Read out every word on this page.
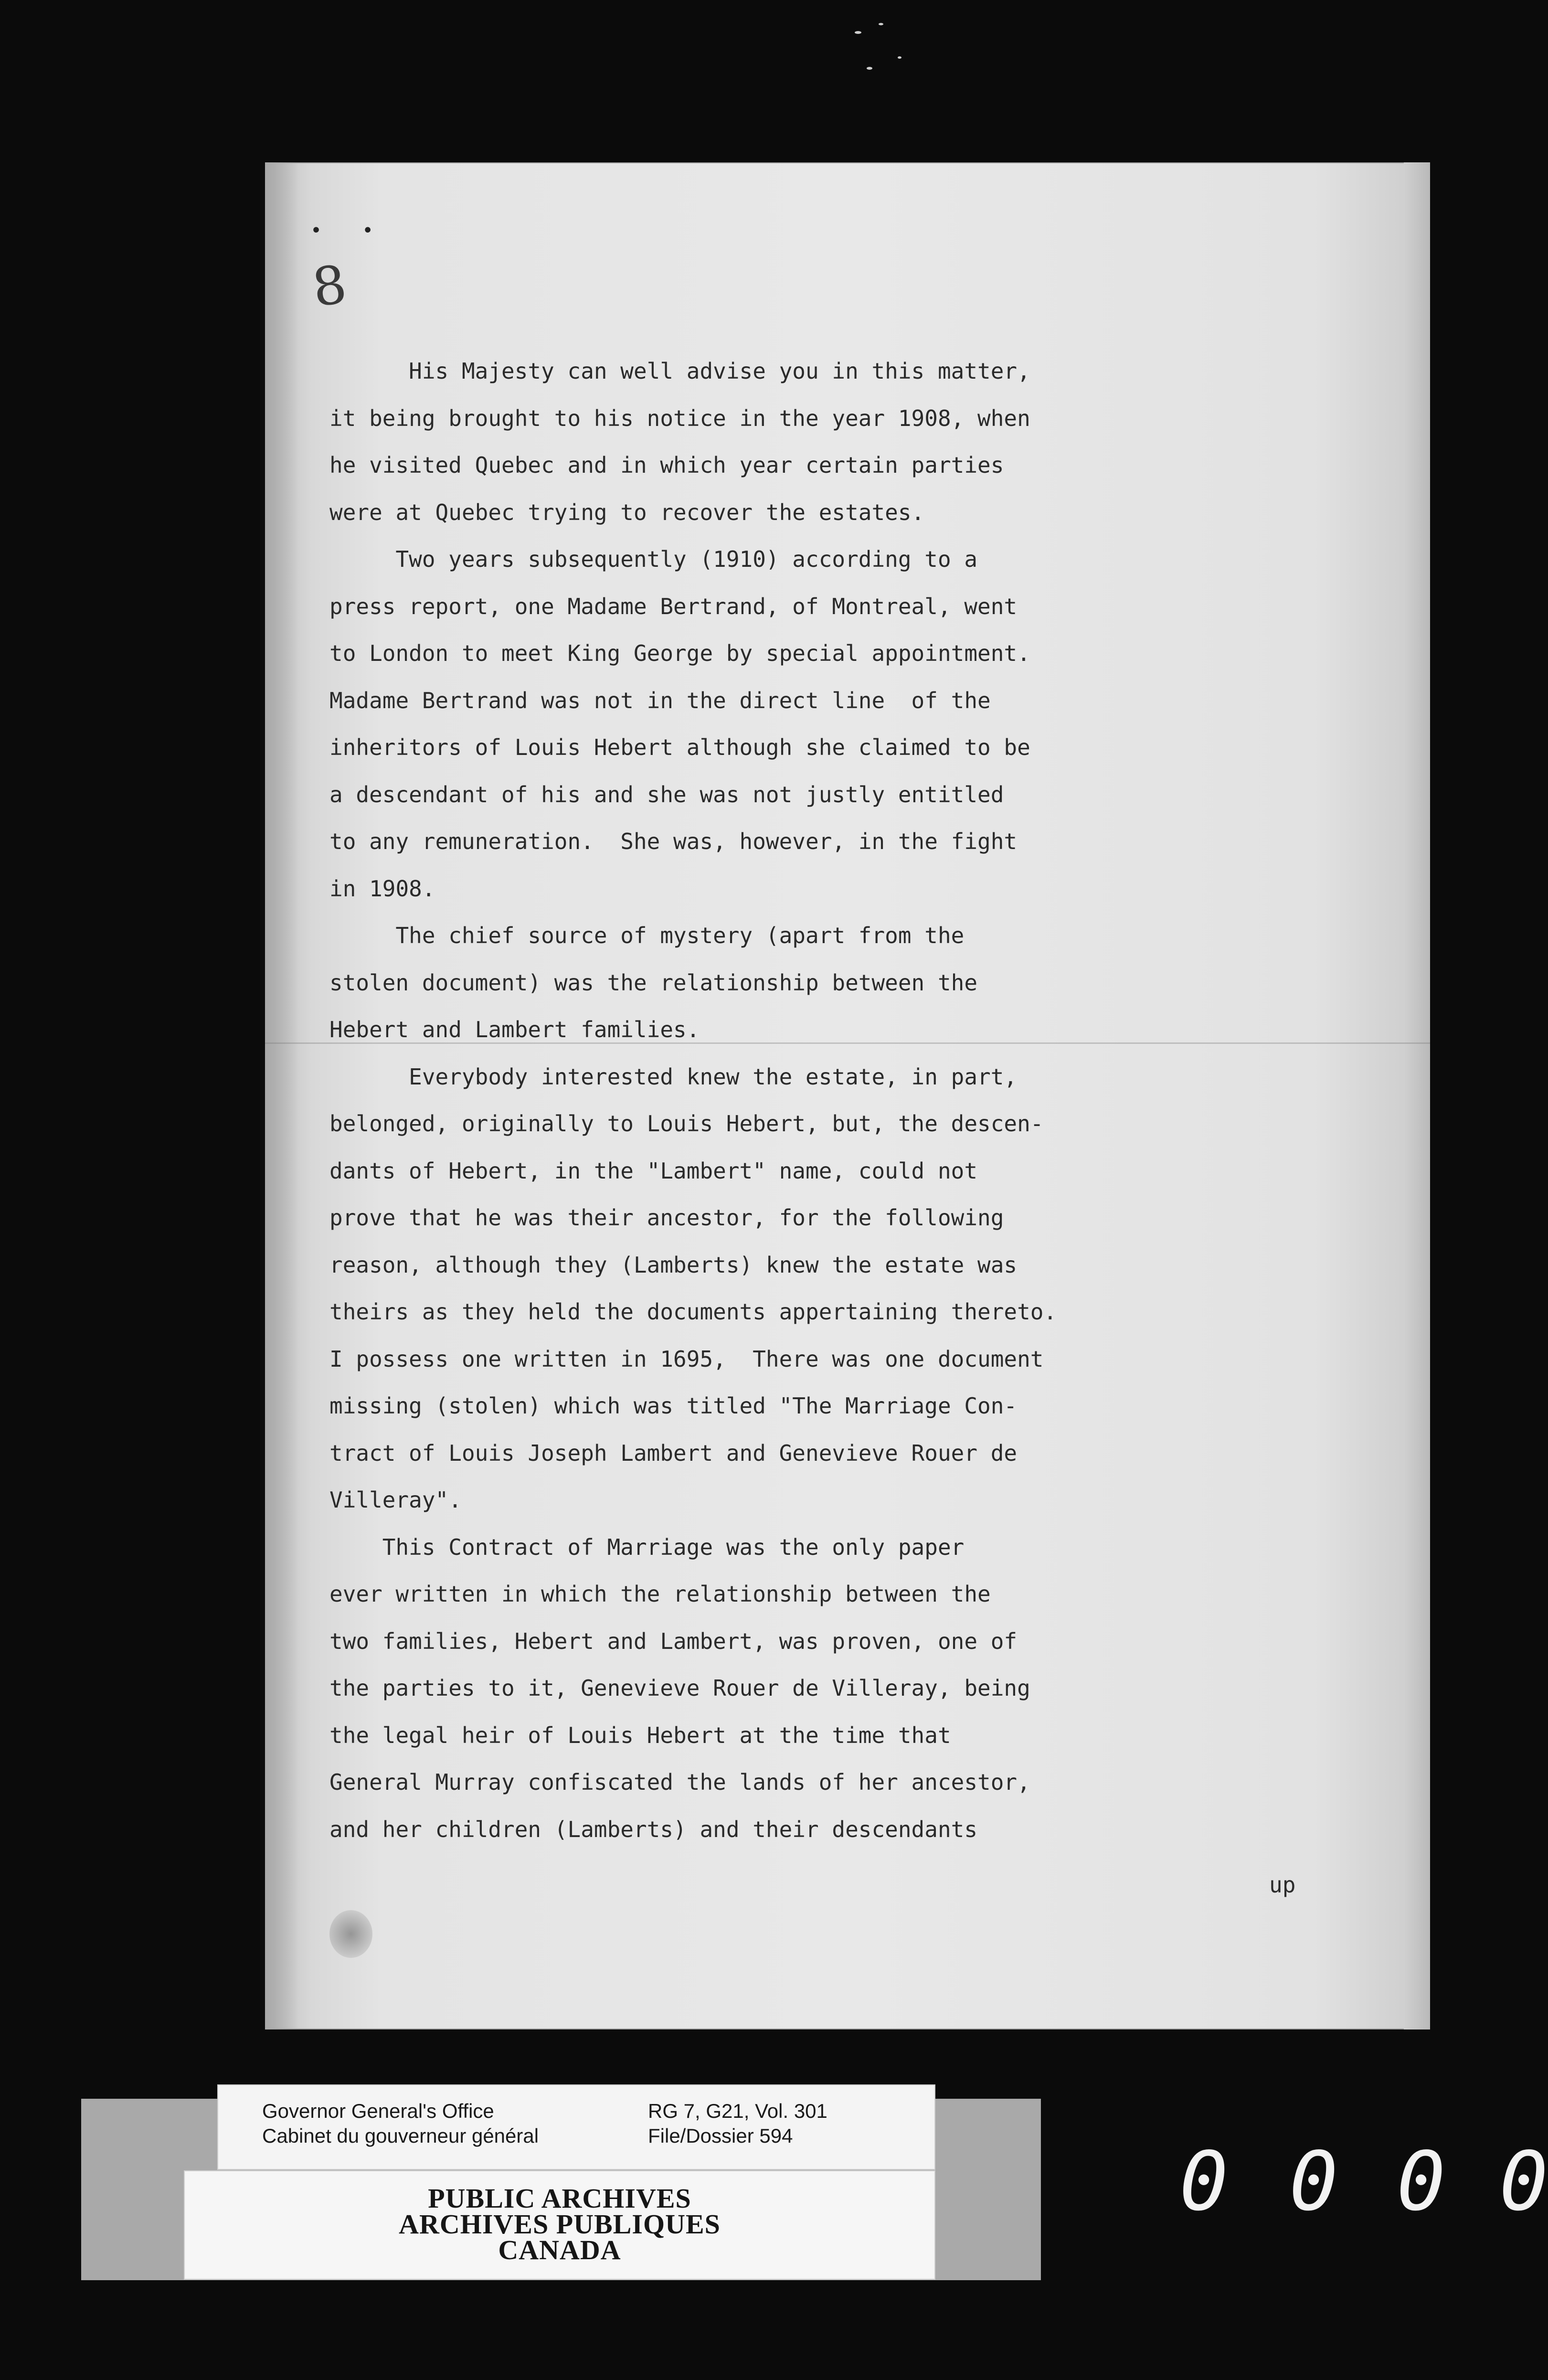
• •
8
His Majesty can well advise you in this matter,
it being brought to his notice in the year 1908, when
he visited Quebec and in which year certain parties
were at Quebec trying to recover the estates.
Two years subsequently (1910) according to a
press report, one Madame Bertrand, of Montreal, went
to London to meet King George by special appointment.
Madame Bertrand was not in the direct line  of the
inheritors of Louis Hebert although she claimed to be
a descendant of his and she was not justly entitled
to any remuneration.  She was, however, in the fight
in 1908.
The chief source of mystery (apart from the
stolen document) was the relationship between the
Hebert and Lambert families.
Everybody interested knew the estate, in part,
belonged, originally to Louis Hebert, but, the descen-
dants of Hebert, in the "Lambert" name, could not
prove that he was their ancestor, for the following
reason, although they (Lamberts) knew the estate was
theirs as they held the documents appertaining thereto.
I possess one written in 1695,  There was one document
missing (stolen) which was titled "The Marriage Con-
tract of Louis Joseph Lambert and Genevieve Rouer de
Villeray".
This Contract of Marriage was the only paper
ever written in which the relationship between the
two families, Hebert and Lambert, was proven, one of
the parties to it, Genevieve Rouer de Villeray, being
the legal heir of Louis Hebert at the time that
General Murray confiscated the lands of her ancestor,
and her children (Lamberts) and their descendants
up
Governor General's Office
Cabinet du gouverneur général
RG 7, G21, Vol. 301
File/Dossier 594
PUBLIC ARCHIVES
ARCHIVES PUBLIQUES
CANADA
0 0 0 0
